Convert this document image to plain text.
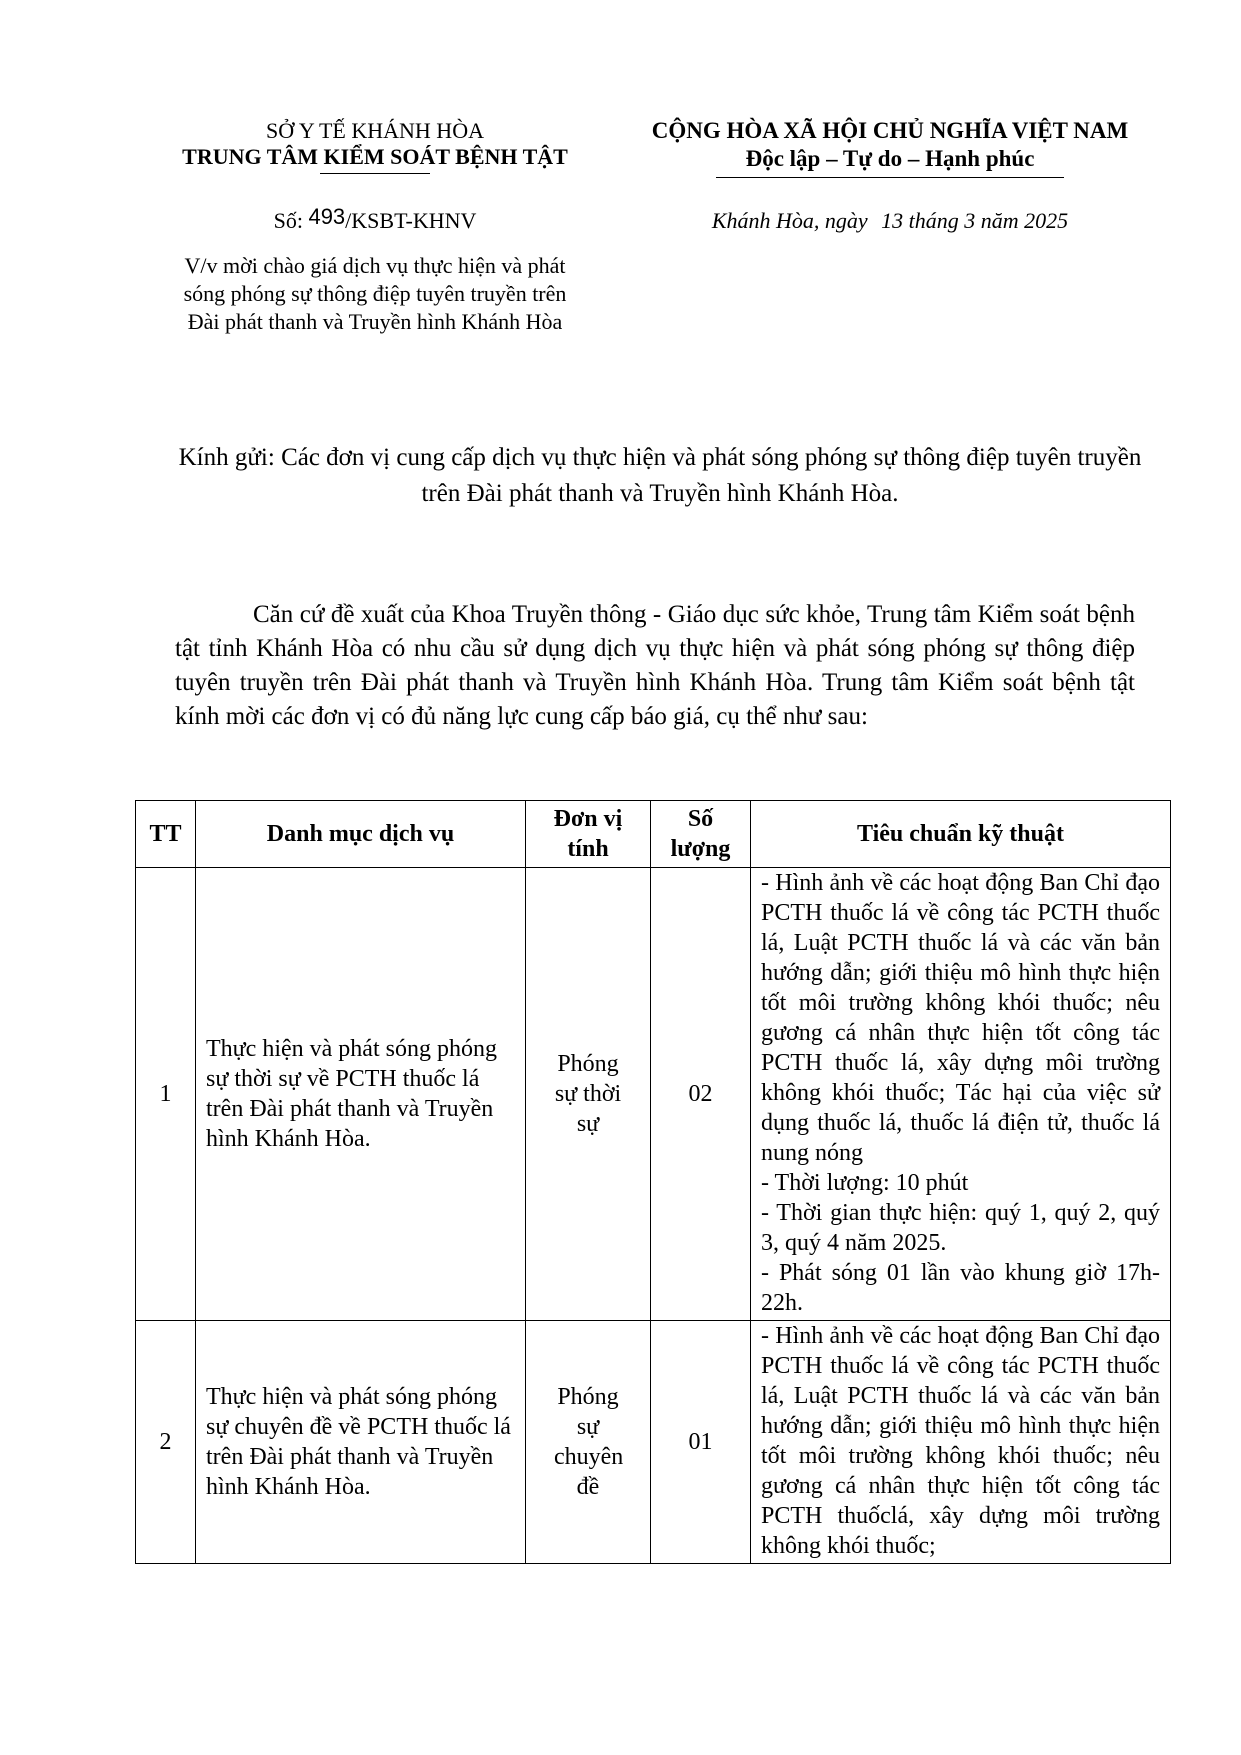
SỞ Y TẾ KHÁNH HÒA
TRUNG TÂM KIỂM SOÁT BỆNH TẬT
CỘNG HÒA XÃ HỘI CHỦ NGHĨA VIỆT NAM
Độc lập – Tự do – Hạnh phúc
Số: 493/KSBT-KHNV	Khánh Hòa, ngày 13 tháng 3 năm 2025
V/v mời chào giá dịch vụ thực hiện và phát sóng phóng sự thông điệp tuyên truyền trên Đài phát thanh và Truyền hình Khánh Hòa
Kính gửi: Các đơn vị cung cấp dịch vụ thực hiện và phát sóng phóng sự thông điệp tuyên truyền trên Đài phát thanh và Truyền hình Khánh Hòa.
Căn cứ đề xuất của Khoa Truyền thông - Giáo dục sức khỏe, Trung tâm Kiểm soát bệnh tật tỉnh Khánh Hòa có nhu cầu sử dụng dịch vụ thực hiện và phát sóng phóng sự thông điệp tuyên truyền trên Đài phát thanh và Truyền hình Khánh Hòa. Trung tâm Kiểm soát bệnh tật kính mời các đơn vị có đủ năng lực cung cấp báo giá, cụ thể như sau:
TT	Danh mục dịch vụ	Đơn vị tính	Số lượng	Tiêu chuẩn kỹ thuật
1	Thực hiện và phát sóng phóng sự thời sự về PCTH thuốc lá trên Đài phát thanh và Truyền hình Khánh Hòa.	Phóng sự thời sự	02	- Hình ảnh về các hoạt động Ban Chỉ đạo PCTH thuốc lá về công tác PCTH thuốc lá, Luật PCTH thuốc lá và các văn bản hướng dẫn; giới thiệu mô hình thực hiện tốt môi trường không khói thuốc; nêu gương cá nhân thực hiện tốt công tác PCTH thuốc lá, xây dựng môi trường không khói thuốc; Tác hại của việc sử dụng thuốc lá, thuốc lá điện tử, thuốc lá nung nóng
- Thời lượng: 10 phút
- Thời gian thực hiện: quý 1, quý 2, quý 3, quý 4 năm 2025.
- Phát sóng 01 lần vào khung giờ 17h-22h.

2	Thực hiện và phát sóng phóng sự chuyên đề về PCTH thuốc lá trên Đài phát thanh và Truyền hình Khánh Hòa.	Phóng sự chuyên đề	01	- Hình ảnh về các hoạt động Ban Chỉ đạo PCTH thuốc lá về công tác PCTH thuốc lá, Luật PCTH thuốc lá và các văn bản hướng dẫn; giới thiệu mô hình thực hiện tốt môi trường không khói thuốc; nêu gương cá nhân thực hiện tốt công tác PCTH thuốclá, xây dựng môi trường không khói thuốc;
